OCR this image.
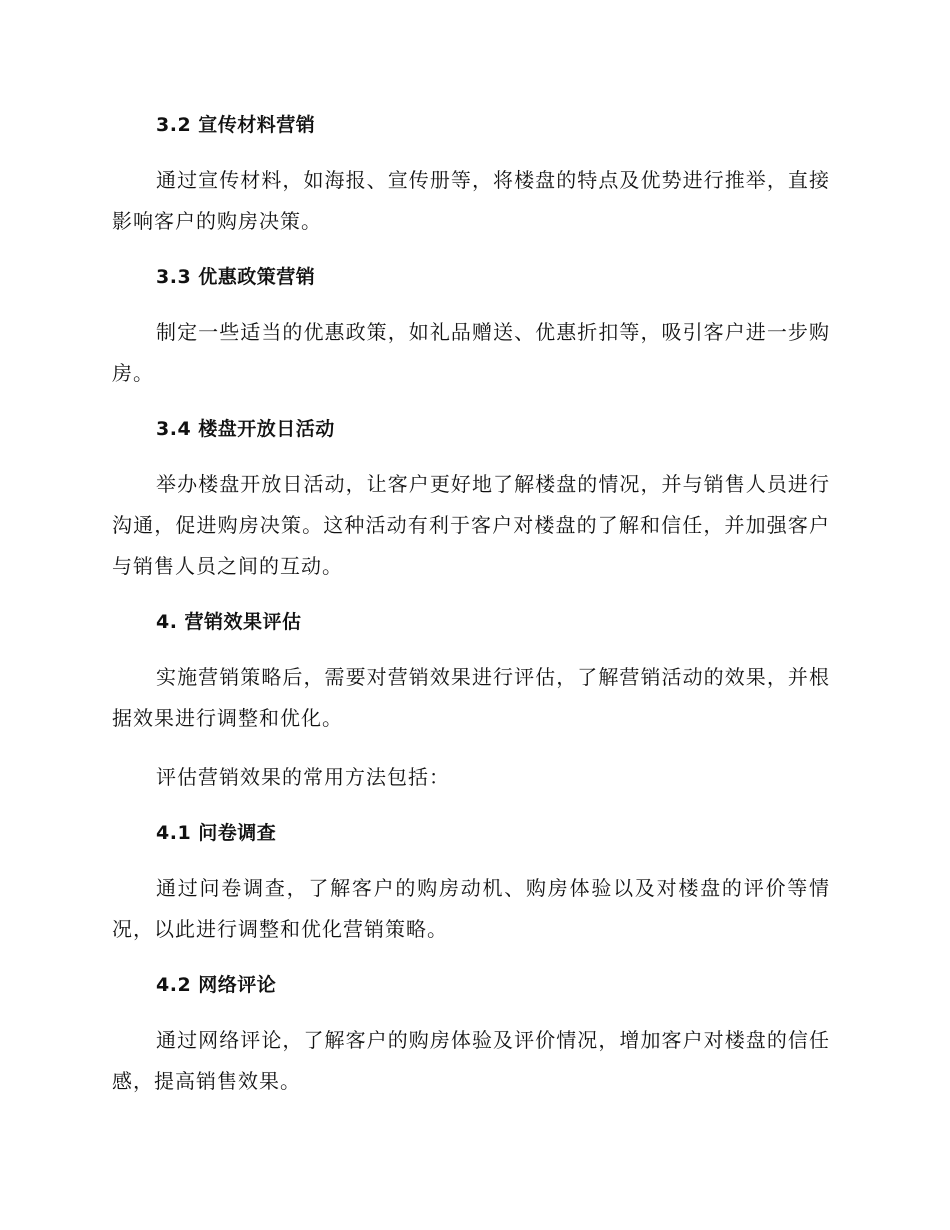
3.2 宣传材料营销

通过宣传材料，如海报、宣传册等，将楼盘的特点及优势进行推举，直接影响客户的购房决策。

3.3 优惠政策营销

制定一些适当的优惠政策，如礼品赠送、优惠折扣等，吸引客户进一步购房。

3.4 楼盘开放日活动

举办楼盘开放日活动，让客户更好地了解楼盘的情况，并与销售人员进行沟通，促进购房决策。这种活动有利于客户对楼盘的了解和信任，并加强客户与销售人员之间的互动。

4. 营销效果评估

实施营销策略后，需要对营销效果进行评估，了解营销活动的效果，并根据效果进行调整和优化。

评估营销效果的常用方法包括：

4.1 问卷调查

通过问卷调查，了解客户的购房动机、购房体验以及对楼盘的评价等情况，以此进行调整和优化营销策略。

4.2 网络评论

通过网络评论，了解客户的购房体验及评价情况，增加客户对楼盘的信任感，提高销售效果。
